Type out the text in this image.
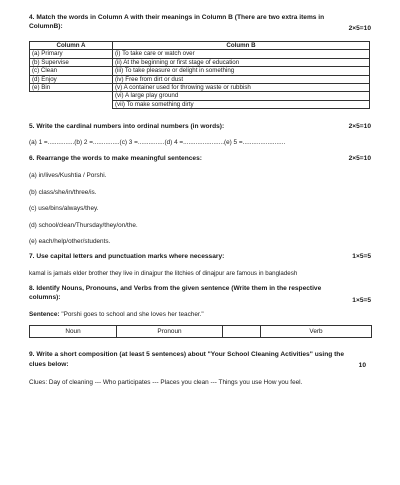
4. Match the words in Column A with their meanings in Column B (There are two extra items in
ColumnB):	2×5=10
Column A	Column B
(a) Primary	(i) To take care or watch over
(b) Supervise	(ii) At the beginning or first stage of education
(c) Clean	(iii) To take pleasure or delight in something
(d) Enjoy	(iv) Free from dirt or dust
(e) Bin	(v) A container used for throwing waste or rubbish
	(vi) A large play ground
	(vii) To make something dirty
5. Write the cardinal numbers into ordinal numbers (in words):	2×5=10
(a) 1 =...............(b) 2 =...............(c) 3 =...............(d) 4 =.......................(e) 5 =........................
6. Rearrange the words to make meaningful sentences:	2×5=10
(a) in/lives/Kushtia / Porshi.
(b) class/she/in/three/is.
(c) use/bins/always/they.
(d) school/clean/Thursday/they/on/the.
(e) each/help/other/students.
7. Use capital letters and punctuation marks where necessary:	1×5=5
kamal is jamals elder brother they live in dinajpur the litchies of dinajpur are famous in bangladesh
8. Identify Nouns, Pronouns, and Verbs from the given sentence (Write them in the respective
columns):	1×5=5
Sentence: "Porshi goes to school and she loves her teacher."
Noun	Pronoun		Verb
9. Write a short composition (at least 5 sentences) about "Your School Cleaning Activities" using the
clues below:	10
Clues: Day of cleaning --- Who participates --- Places you clean --- Things you use How you feel.
